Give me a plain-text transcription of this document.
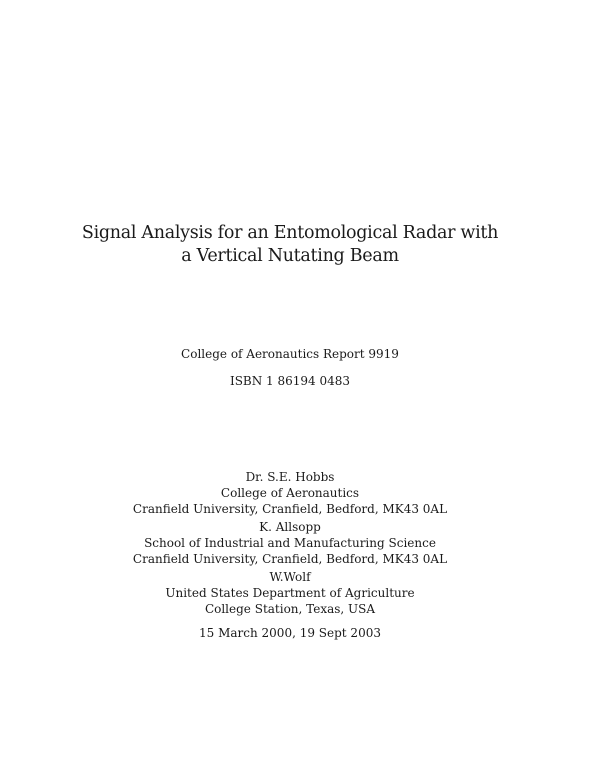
Signal Analysis for an Entomological Radar with
a Vertical Nutating Beam
College of Aeronautics Report 9919
ISBN 1 86194 0483
Dr. S.E. Hobbs
College of Aeronautics
Cranfield University, Cranfield, Bedford, MK43 0AL
K. Allsopp
School of Industrial and Manufacturing Science
Cranfield University, Cranfield, Bedford, MK43 0AL
W.Wolf
United States Department of Agriculture
College Station, Texas, USA
15 March 2000, 19 Sept 2003
